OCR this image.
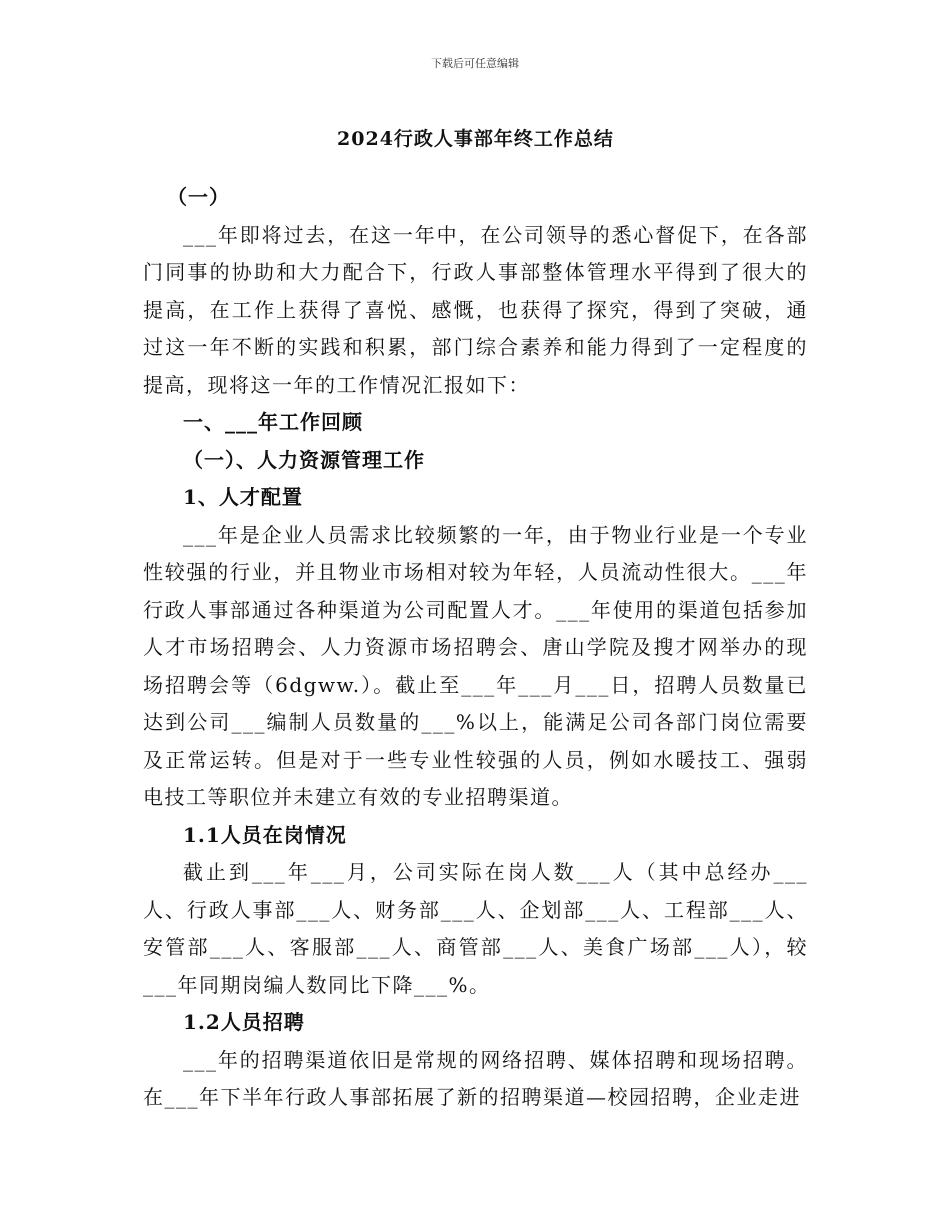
下载后可任意编辑
2024行政人事部年终工作总结
（一）

___年即将过去，在这一年中，在公司领导的悉心督促下，在各部门同事的协助和大力配合下，行政人事部整体管理水平得到了很大的提高，在工作上获得了喜悦、感慨，也获得了探究，得到了突破，通过这一年不断的实践和积累，部门综合素养和能力得到了一定程度的提高，现将这一年的工作情况汇报如下：

一、___年工作回顾
（一）、人力资源管理工作
1、人才配置

___年是企业人员需求比较频繁的一年，由于物业行业是一个专业性较强的行业，并且物业市场相对较为年轻，人员流动性很大。___年行政人事部通过各种渠道为公司配置人才。___年使用的渠道包括参加人才市场招聘会、人力资源市场招聘会、唐山学院及搜才网举办的现场招聘会等（6dgww.）。截止至___年___月___日，招聘人员数量已达到公司___编制人员数量的___%以上，能满足公司各部门岗位需要及正常运转。但是对于一些专业性较强的人员，例如水暖技工、强弱电技工等职位并未建立有效的专业招聘渠道。

1.1人员在岗情况

截止到___年___月，公司实际在岗人数___人（其中总经办___人、行政人事部___人、财务部___人、企划部___人、工程部___人、安管部___人、客服部___人、商管部___人、美食广场部___人），较___年同期岗编人数同比下降___%。

1.2人员招聘

___年的招聘渠道依旧是常规的网络招聘、媒体招聘和现场招聘。在___年下半年行政人事部拓展了新的招聘渠道—校园招聘，企业走进
